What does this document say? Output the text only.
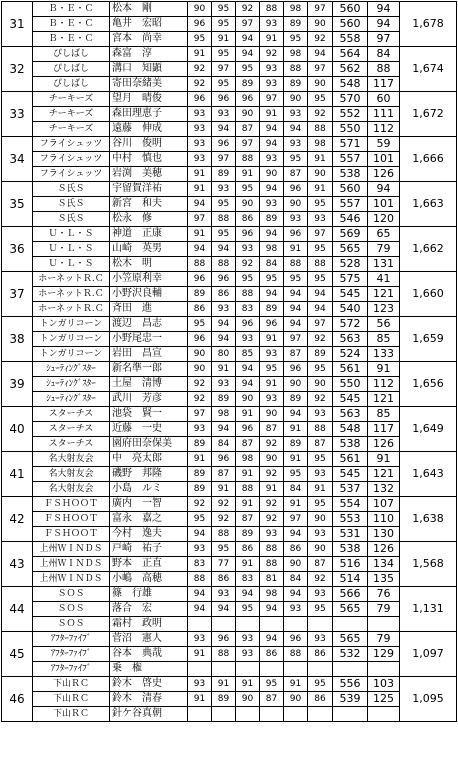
31	Ｂ・Ｅ・Ｃ	松本　剛	90	95	92	88	98	97	560	94	1,678
	Ｂ・Ｅ・Ｃ	亀井　宏昭	96	95	97	93	89	90	560	94	
	Ｂ・Ｅ・Ｃ	宮本　尚幸	95	91	94	91	95	92	558	97	
32	ぴしばし	森富　淳	91	95	94	92	98	94	564	84	1,674
	ぴしばし	溝口　知顕	92	97	95	93	88	97	562	88	
	ぴしばし	寄田奈緒美	92	95	89	93	89	90	548	117	
33	チーキーズ	望月　晴俊	96	96	96	97	90	95	570	60	1,672
	チーキーズ	森田理恵子	93	93	90	91	93	92	552	111	
	チーキーズ	遠藤　伸成	93	94	87	94	94	88	550	112	
34	フライシュッツ	谷川　俊明	93	96	97	94	93	98	571	59	1,666
	フライシュッツ	中村　慎也	93	97	88	93	95	91	557	101	
	フライシュッツ	岩渕　美穂	91	89	91	90	87	90	538	126	
35	Ｓ氏Ｓ	宇留賀洋祐	91	93	95	94	96	91	560	94	1,663
	Ｓ氏Ｓ	新宮　和夫	94	95	90	93	90	95	557	101	
	Ｓ氏Ｓ	松永　修	97	88	86	89	93	93	546	120	
36	Ｕ・Ｌ・Ｓ	神道　正康	91	95	96	94	96	97	569	65	1,662
	Ｕ・Ｌ・Ｓ	山崎　英男	94	94	93	98	91	95	565	79	
	Ｕ・Ｌ・Ｓ	松木　明	88	88	92	84	88	88	528	131	
37	ホーネットＲ.Ｃ	小笠原利幸	96	96	95	95	95	95	575	41	1,660
	ホーネットＲ.Ｃ	小野沢良輔	89	86	88	94	94	94	545	121	
	ホーネットＲ.Ｃ	斉田　進	86	93	83	89	94	94	540	123	
38	トンガリコーン	渡辺　昌志	95	94	96	96	94	97	572	56	1,659
	トンガリコーン	小野尾忠一	96	94	93	91	97	92	563	85	
	トンガリコーン	岩田　昌宣	90	80	85	93	87	89	524	133	
39	ｼｭｰﾃｨﾝｸﾞｽﾀｰ	新名準一郎	90	91	94	95	96	95	561	91	1,656
	ｼｭｰﾃｨﾝｸﾞｽﾀｰ	土屋　清博	92	93	94	91	90	90	550	112	
	ｼｭｰﾃｨﾝｸﾞｽﾀｰ	武川　芳彦	92	89	90	93	89	92	545	121	
40	スターチス	池袋　賢一	97	98	91	90	94	93	563	85	1,649
	スターチス	近藤　一史	93	94	96	87	91	88	548	117	
	スターチス	園府田奈保美	89	84	87	92	89	87	538	126	
41	名大射友会	中　亮太郎	91	96	98	90	91	95	561	91	1,643
	名大射友会	磯野　邦隆	89	87	91	92	95	93	545	121	
	名大射友会	小島　ルミ	89	91	88	91	84	91	537	132	
42	ＦＳＨＯＯＴ	廣内　一智	92	92	91	92	91	95	554	107	1,638
	ＦＳＨＯＯＴ	富永　嘉之	95	92	87	92	97	90	553	110	
	ＦＳＨＯＯＴ	今村　逸夫	94	88	89	93	94	93	531	130	
43	上州ＷＩＮＤＳ	戸崎　祐子	93	95	86	88	86	90	538	126	1,568
	上州ＷＩＮＤＳ	野本　正直	83	77	91	88	90	87	516	134	
	上州ＷＩＮＤＳ	小嶋　高穂	88	86	83	81	84	92	514	135	
44	ＳＯＳ	篠　行雄	94	93	94	98	94	93	566	76	1,131
	ＳＯＳ	落合　宏	94	94	95	94	93	95	565	79	
	ＳＯＳ	霜村　政明									
45	ｱﾌﾀｰﾌｧｲﾌﾞ	菅沼　憲人	93	96	93	94	96	93	565	79	1,097
	ｱﾌﾀｰﾌｧｲﾌﾞ	谷本　典哉	91	88	93	86	88	86	532	129	
	ｱﾌﾀｰﾌｧｲﾌﾞ	乗　権									
46	下山ＲＣ	鈴木　啓史	93	91	91	95	91	95	556	103	1,095
	下山ＲＣ	鈴木　清春	91	89	90	87	90	86	539	125	
	下山ＲＣ	針ケ谷真朝									
